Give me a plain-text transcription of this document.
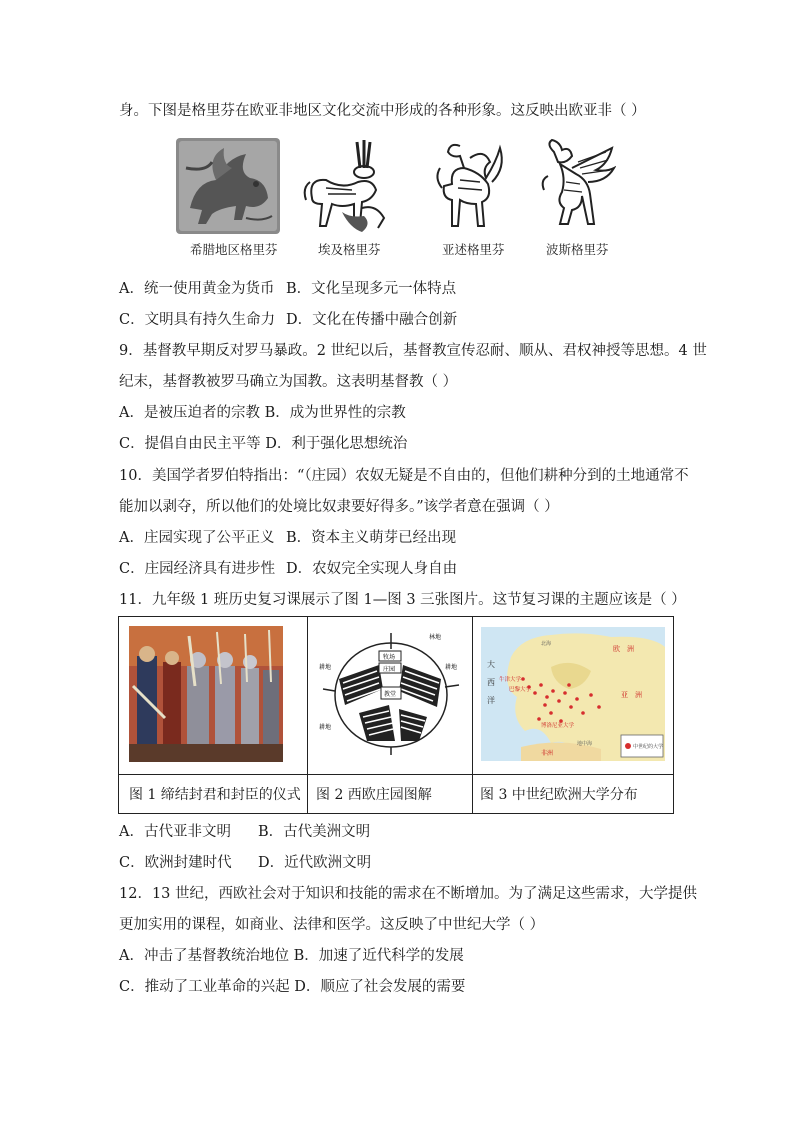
身。下图是格里芬在欧亚非地区文化交流中形成的各种形象。这反映出欧亚非（ ）
希腊地区格里芬	埃及格里芬	亚述格里芬	波斯格里芬
A．统一使用黄金为货币 B．文化呈现多元一体特点
C．文明具有持久生命力 D．文化在传播中融合创新
9．基督教早期反对罗马暴政。2 世纪以后，基督教宣传忍耐、顺从、君权神授等思想。4 世
纪末，基督教被罗马确立为国教。这表明基督教（ ）
A．是被压迫者的宗教 B．成为世界性的宗教
C．提倡自由民主平等 D．利于强化思想统治
10．美国学者罗伯特指出：“（庄园）农奴无疑是不自由的，但他们耕种分到的土地通常不
能加以剥夺，所以他们的处境比奴隶要好得多。”该学者意在强调（ ）
A．庄园实现了公平正义 B．资本主义萌芽已经出现
C．庄园经济具有进步性 D．农奴完全实现人身自由
11．九年级 1 班历史复习课展示了图 1—图 3 三张图片。这节复习课的主题应该是（ ）
牧场
庄园
教堂
林地
耕地	耕地
耕地
大
西
洋
欧　洲
亚　洲
非洲
牛津大学
巴黎大学
博洛尼亚大学
中世纪的大学
北海
地中海
图 1 缔结封君和封臣的仪式 图 2 西欧庄园图解	图 3 中世纪欧洲大学分布
A．古代亚非文明 B．古代美洲文明
C．欧洲封建时代 D．近代欧洲文明
12．13 世纪，西欧社会对于知识和技能的需求在不断增加。为了满足这些需求，大学提供
更加实用的课程，如商业、法律和医学。这反映了中世纪大学（ ）
A．冲击了基督教统治地位 B．加速了近代科学的发展
C．推动了工业革命的兴起 D．顺应了社会发展的需要
